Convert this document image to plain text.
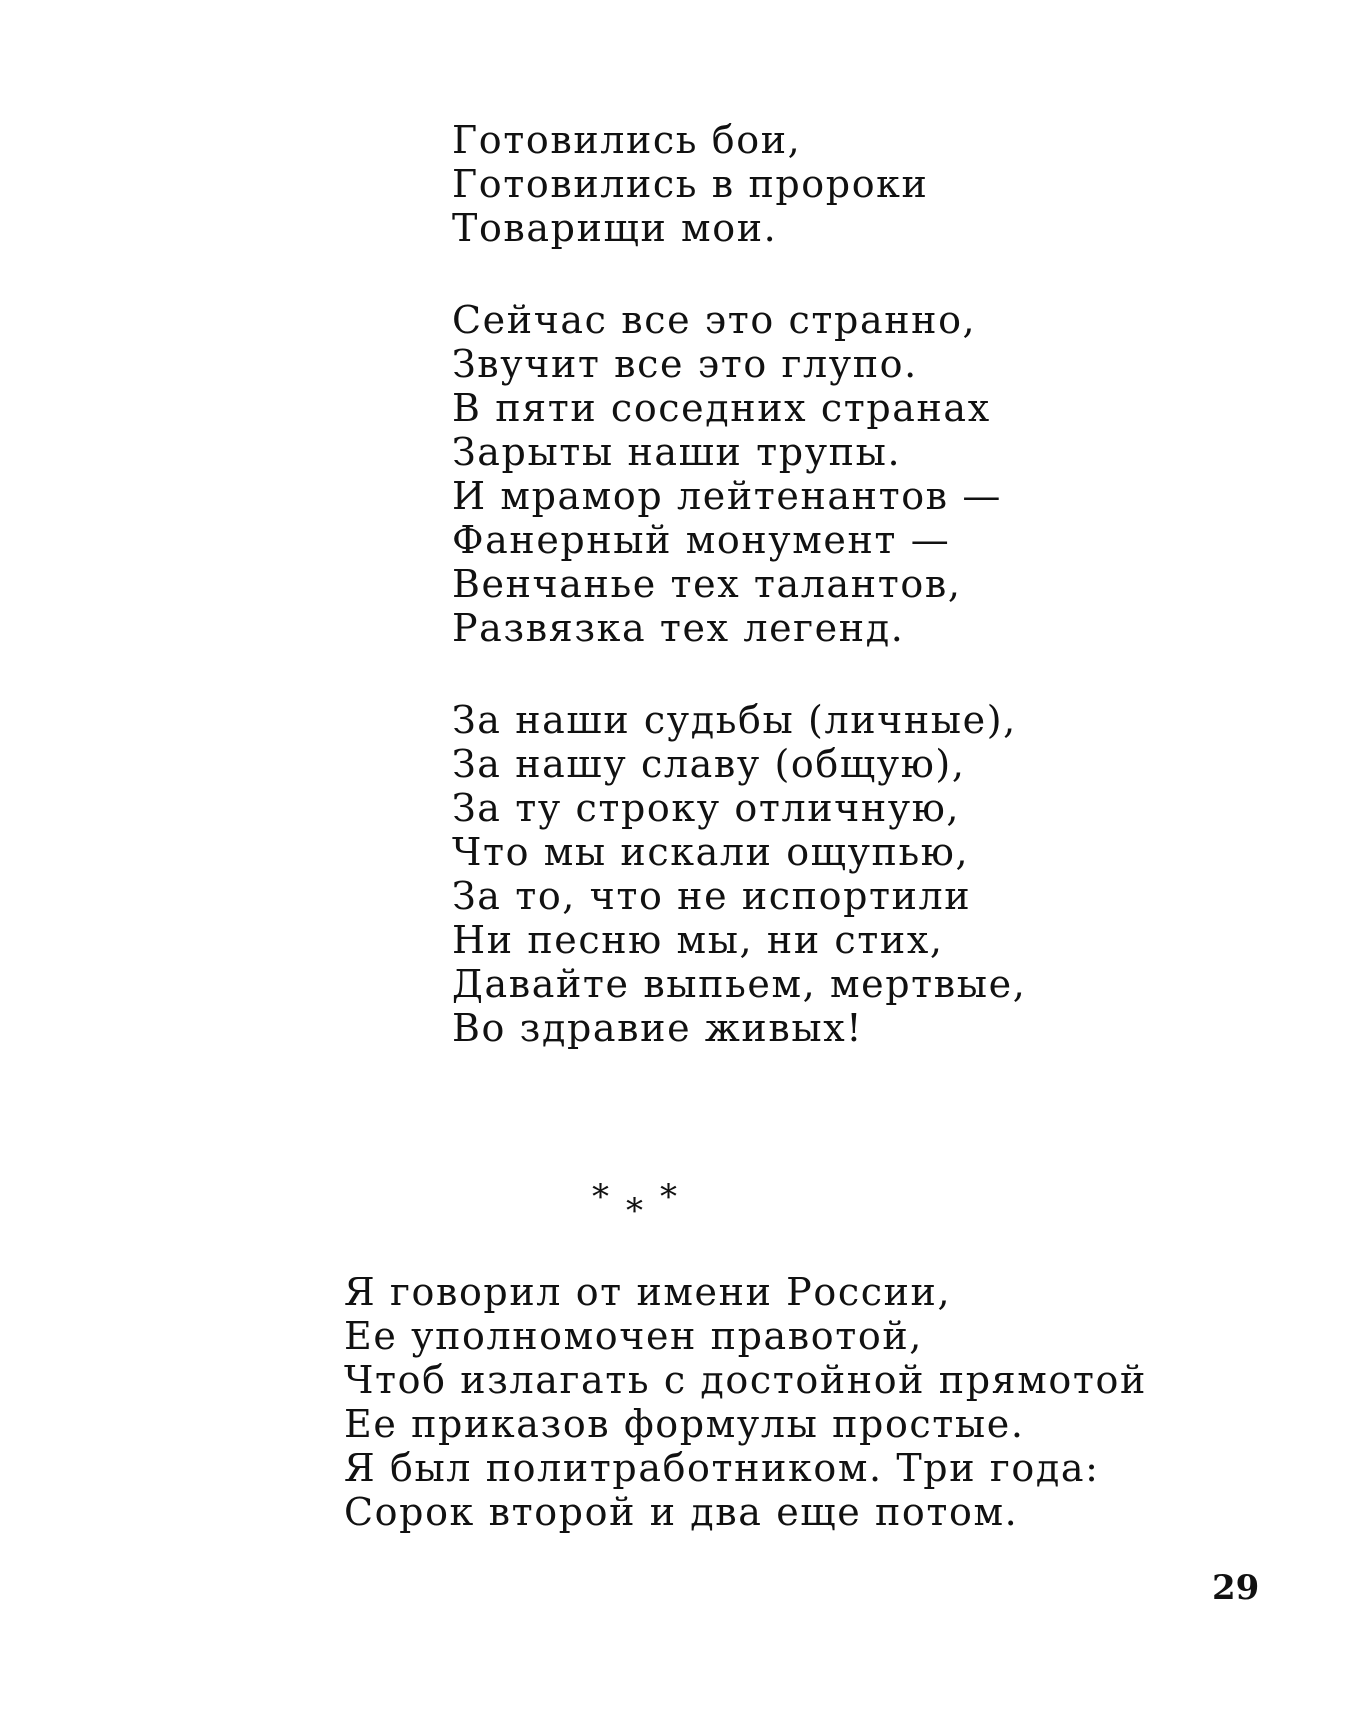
Готовились бои,
Готовились в пророки
Товарищи мои.
Сейчас все это странно,
Звучит все это глупо.
В пяти соседних странах
Зарыты наши трупы.
И мрамор лейтенантов —
Фанерный монумент —
Венчанье тех талантов,
Развязка тех легенд.
За наши судьбы (личные),
За нашу славу (общую),
За ту строку отличную,
Что мы искали ощупью,
За то, что не испортили
Ни песню мы, ни стих,
Давайте выпьем, мертвые,
Во здравие живых!
* * *
Я говорил от имени России,
Ее уполномочен правотой,
Чтоб излагать с достойной прямотой
Ее приказов формулы простые.
Я был политработником. Три года:
Сорок второй и два еще потом.
29
